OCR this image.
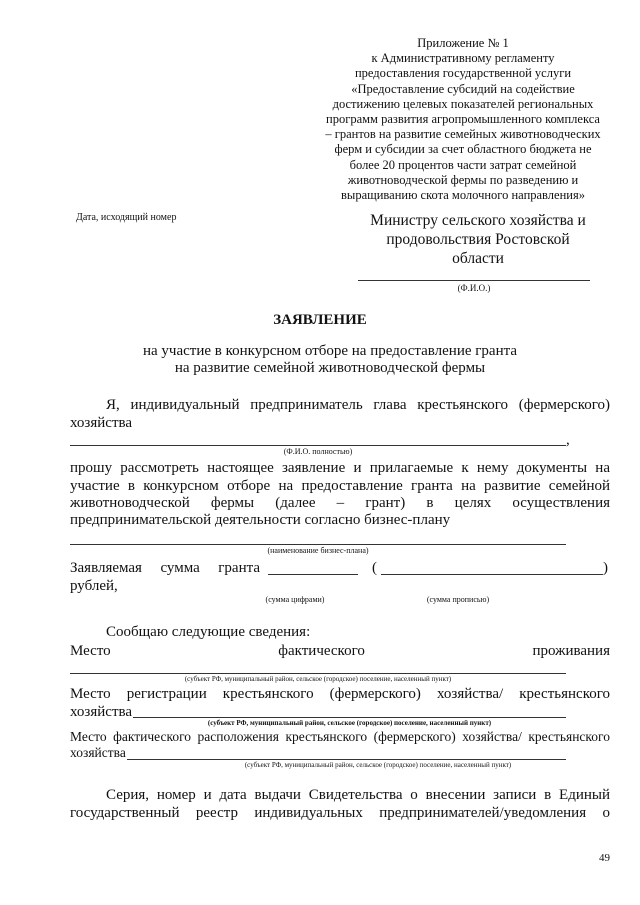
Приложение № 1
к Административному регламенту
предоставления государственной услуги
«Предоставление субсидий на содействие
достижению целевых показателей региональных
программ развития агропромышленного комплекса
– грантов на развитие семейных животноводческих
ферм и субсидии за счет областного бюджета не
более 20 процентов части затрат семейной
животноводческой фермы по разведению и
выращиванию скота молочного направления»
Дата, исходящий номер	Министру сельского хозяйства и
продовольствия Ростовской
области
(Ф.И.О.)
ЗАЯВЛЕНИЕ
на участие в конкурсном отборе на предоставление гранта
на развитие семейной животноводческой фермы
Я, индивидуальный предприниматель глава крестьянского (фермерского)
хозяйства
,
(Ф.И.О. полностью)
прошу рассмотреть настоящее заявление и прилагаемые к нему документы на
участие в конкурсном отборе на предоставление гранта на развитие семейной
животноводческой фермы (далее – грант) в целях осуществления
предпринимательской деятельности согласно бизнес-плану
(наименование бизнес-плана)
Заявляемая сумма гранта	(	)
рублей,
(сумма цифрами)	(сумма прописью)
Сообщаю следующие сведения:
Место	фактического	проживания
(субъект РФ, муниципальный район, сельское (городское) поселение, населенный пункт)
Место регистрации крестьянского (фермерского) хозяйства/ крестьянского
хозяйства
(субъект РФ, муниципальный район, сельское (городское) поселение, населенный пункт)
Место фактического расположения крестьянского (фермерского) хозяйства/ крестьянского
хозяйства
(субъект РФ, муниципальный район, сельское (городское) поселение, населенный пункт)
Серия, номер и дата выдачи Свидетельства о внесении записи в Единый
государственный реестр индивидуальных предпринимателей/уведомления о
49
